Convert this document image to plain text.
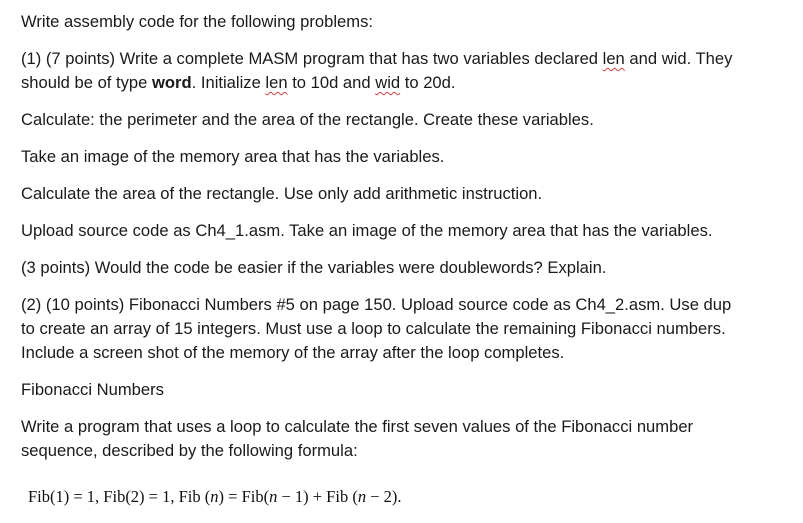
Write assembly code for the following problems:
(1) (7 points) Write a complete MASM program that has two variables declared len and wid. They
should be of type word. Initialize len to 10d and wid to 20d.
Calculate: the perimeter and the area of the rectangle. Create these variables.
Take an image of the memory area that has the variables.
Calculate the area of the rectangle. Use only add arithmetic instruction.
Upload source code as Ch4_1.asm. Take an image of the memory area that has the variables.
(3 points) Would the code be easier if the variables were doublewords? Explain.
(2) (10 points) Fibonacci Numbers #5 on page 150. Upload source code as Ch4_2.asm. Use dup
to create an array of 15 integers. Must use a loop to calculate the remaining Fibonacci numbers.
Include a screen shot of the memory of the array after the loop completes.
Fibonacci Numbers
Write a program that uses a loop to calculate the first seven values of the Fibonacci number
sequence, described by the following formula:
Fib(1) = 1, Fib(2) = 1, Fib (n) = Fib(n − 1) + Fib (n − 2).
